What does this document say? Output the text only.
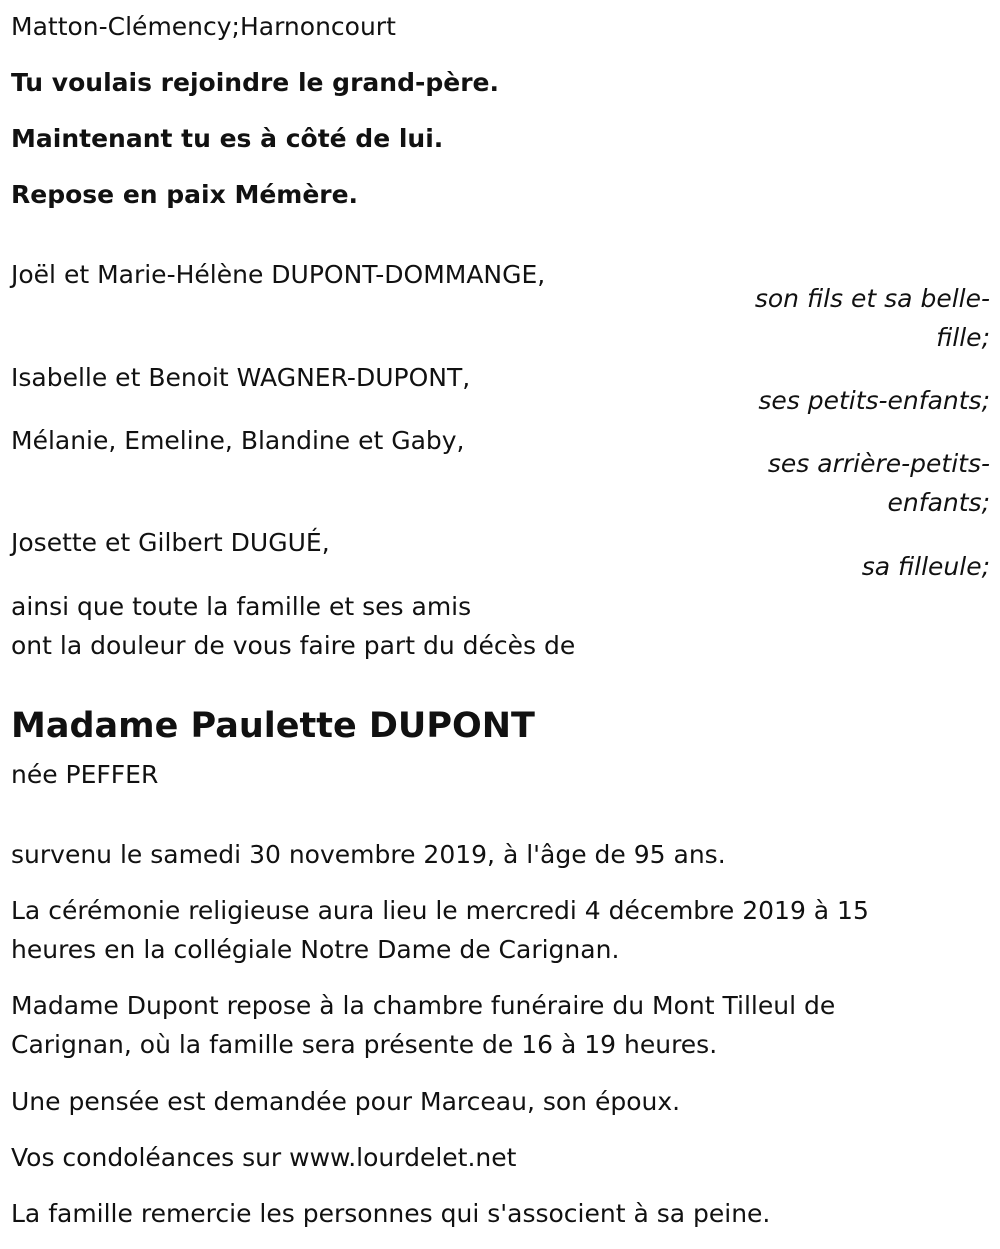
Matton-Clémency;Harnoncourt

Tu voulais rejoindre le grand-père.

Maintenant tu es à côté de lui.

Repose en paix Mémère.

Joël et Marie-Hélène DUPONT-DOMMANGE,

son fils et sa belle-

fille;

Isabelle et Benoit WAGNER-DUPONT,

ses petits-enfants;

Mélanie, Emeline, Blandine et Gaby,

ses arrière-petits-

enfants;

Josette et Gilbert DUGUÉ,

sa filleule;

ainsi que toute la famille et ses amis

ont la douleur de vous faire part du décès de

Madame Paulette DUPONT

née PEFFER

survenu le samedi 30 novembre 2019, à l'âge de 95 ans.

La cérémonie religieuse aura lieu le mercredi 4 décembre 2019 à 15

heures en la collégiale Notre Dame de Carignan.

Madame Dupont repose à la chambre funéraire du Mont Tilleul de

Carignan, où la famille sera présente de 16 à 19 heures.

Une pensée est demandée pour Marceau, son époux.

Vos condoléances sur www.lourdelet.net

La famille remercie les personnes qui s'associent à sa peine.
